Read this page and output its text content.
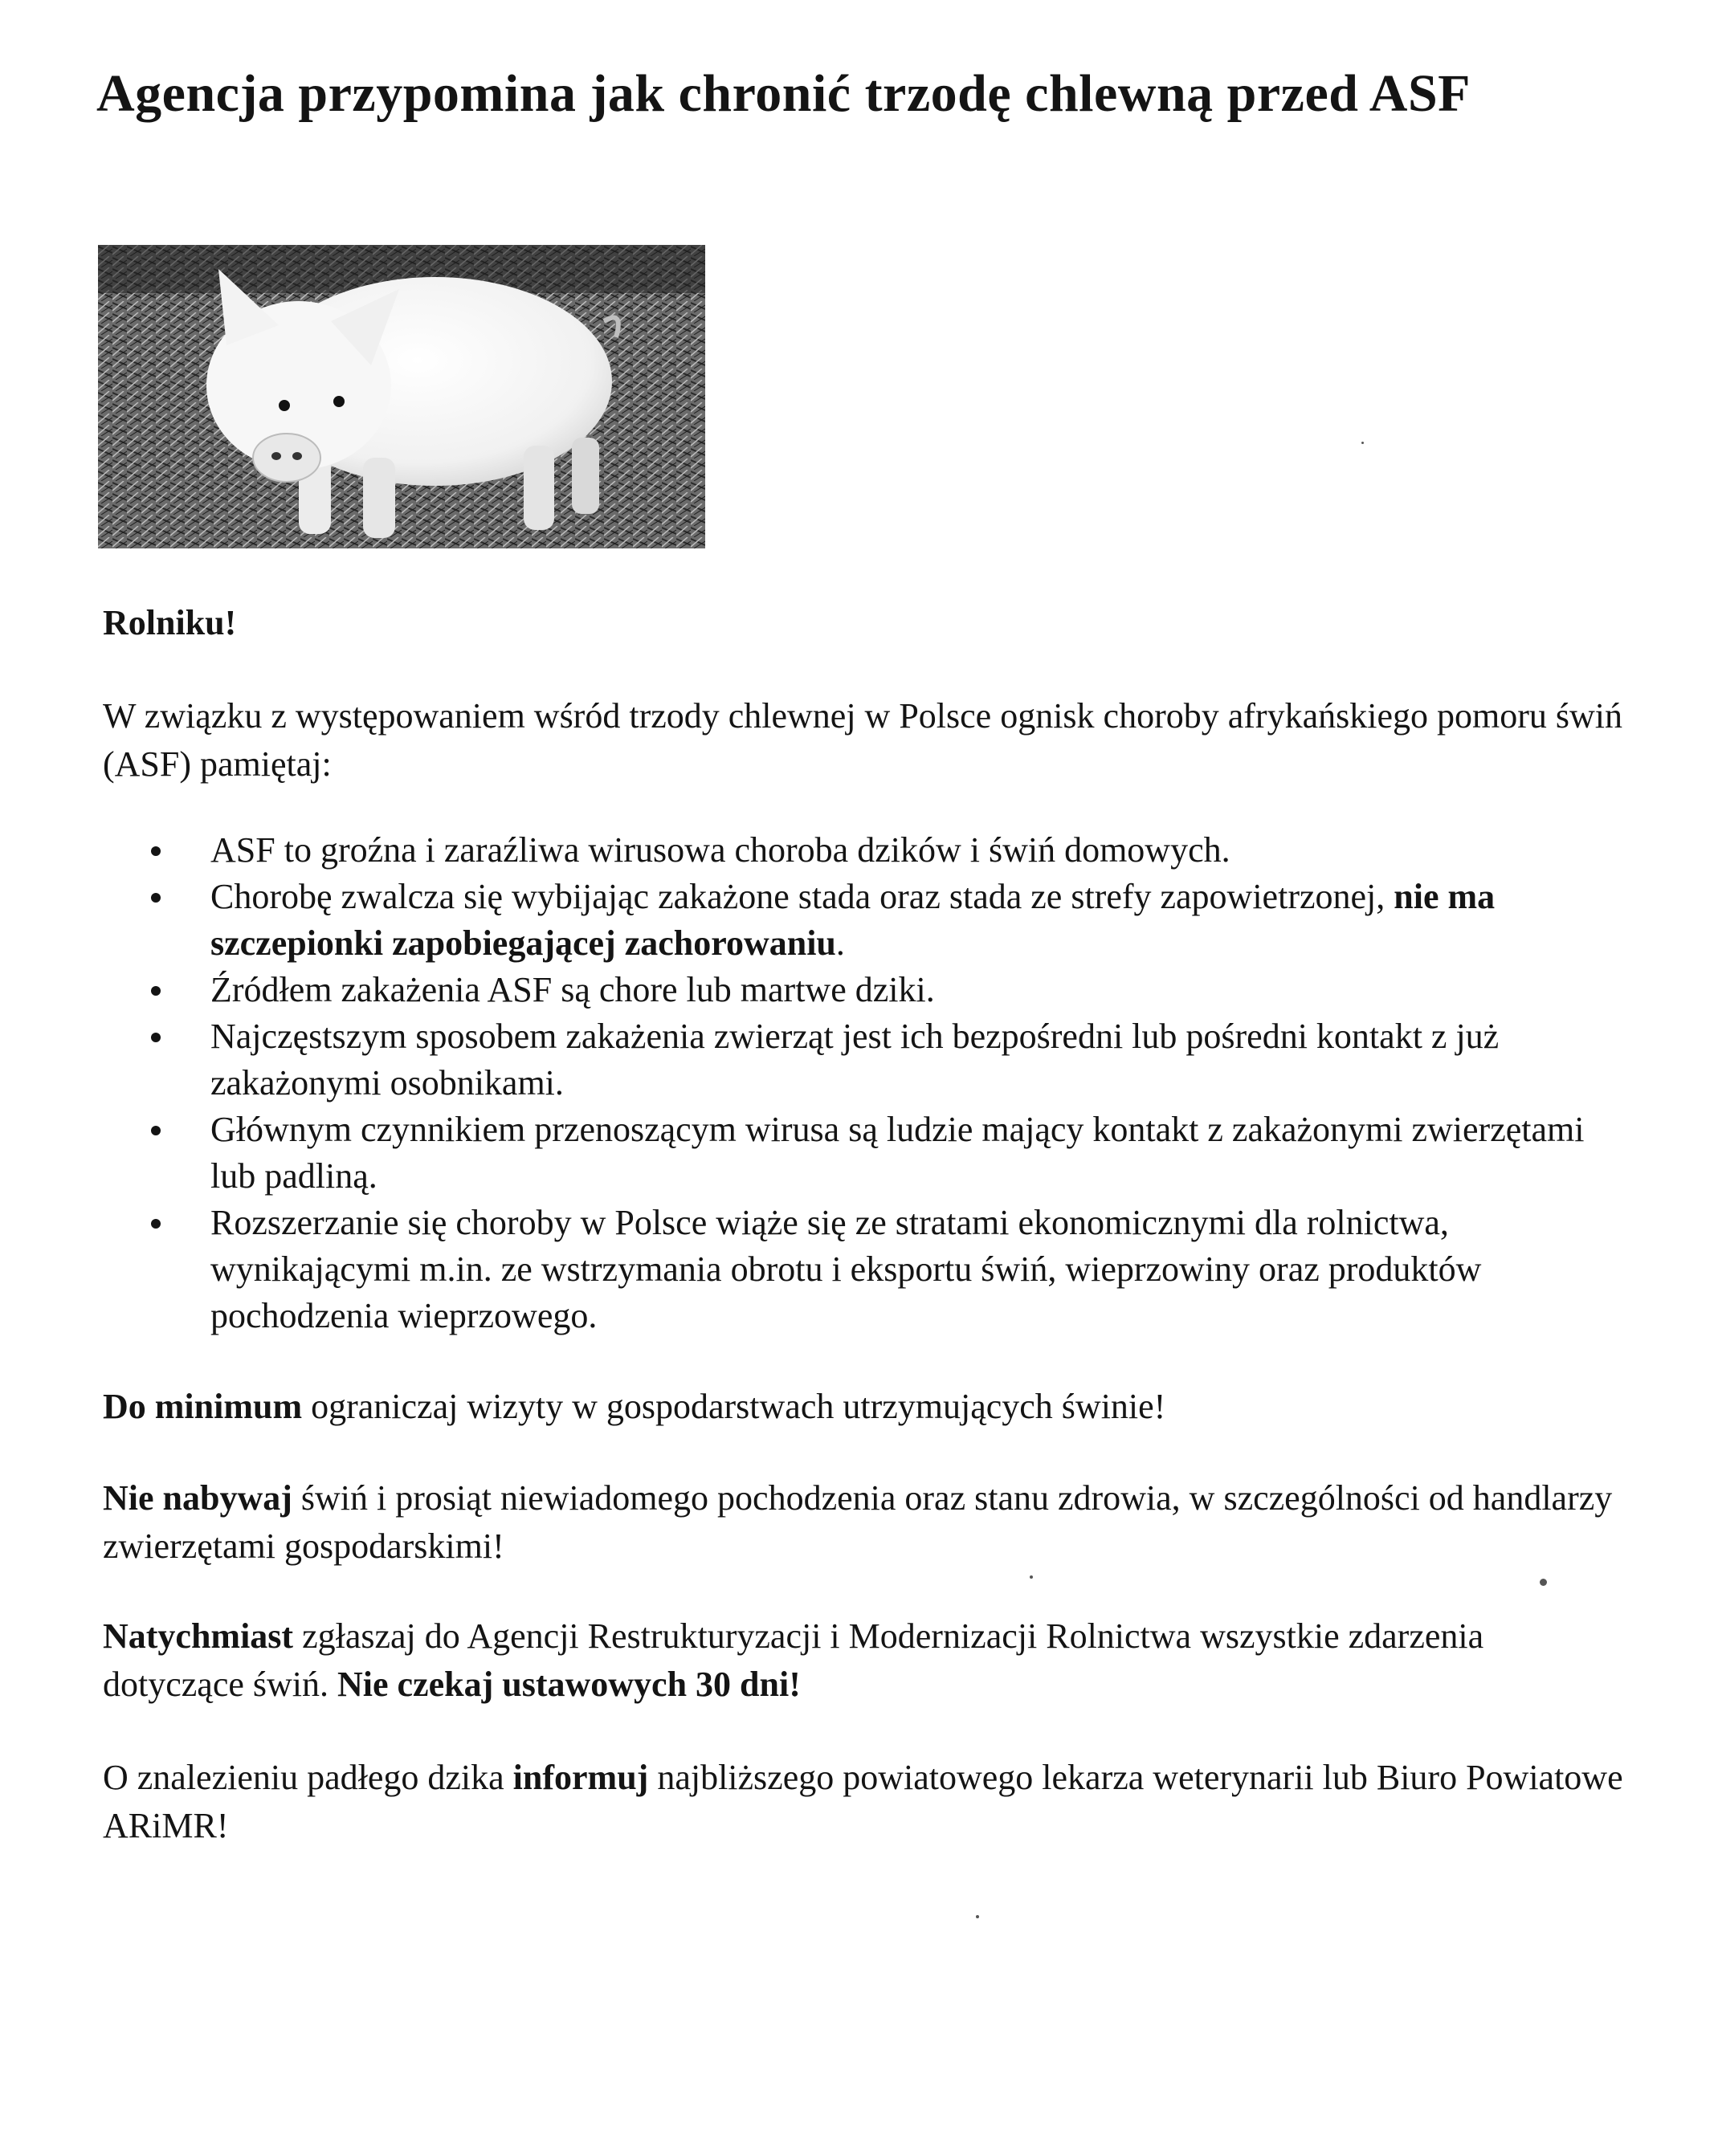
Agencja przypomina jak chronić trzodę chlewną przed ASF

Rolniku!

W związku z występowaniem wśród trzody chlewnej w Polsce ognisk choroby afrykańskiego pomoru świń (ASF) pamiętaj:

ASF to groźna i zaraźliwa wirusowa choroba dzików i świń domowych.
Chorobę zwalcza się wybijając zakażone stada oraz stada ze strefy zapowietrzonej, nie ma szczepionki zapobiegającej zachorowaniu.
Źródłem zakażenia ASF są chore lub martwe dziki.
Najczęstszym sposobem zakażenia zwierząt jest ich bezpośredni lub pośredni kontakt z już zakażonymi osobnikami.
Głównym czynnikiem przenoszącym wirusa są ludzie mający kontakt z zakażonymi zwierzętami lub padliną.
Rozszerzanie się choroby w Polsce wiąże się ze stratami ekonomicznymi dla rolnictwa, wynikającymi m.in. ze wstrzymania obrotu i eksportu świń, wieprzowiny oraz produktów pochodzenia wieprzowego.

Do minimum ograniczaj wizyty w gospodarstwach utrzymujących świnie!

Nie nabywaj świń i prosiąt niewiadomego pochodzenia oraz stanu zdrowia, w szczególności od handlarzy zwierzętami gospodarskimi!

Natychmiast zgłaszaj do Agencji Restrukturyzacji i Modernizacji Rolnictwa wszystkie zdarzenia dotyczące świń. Nie czekaj ustawowych 30 dni!

O znalezieniu padłego dzika informuj najbliższego powiatowego lekarza weterynarii lub Biuro Powiatowe ARiMR!
